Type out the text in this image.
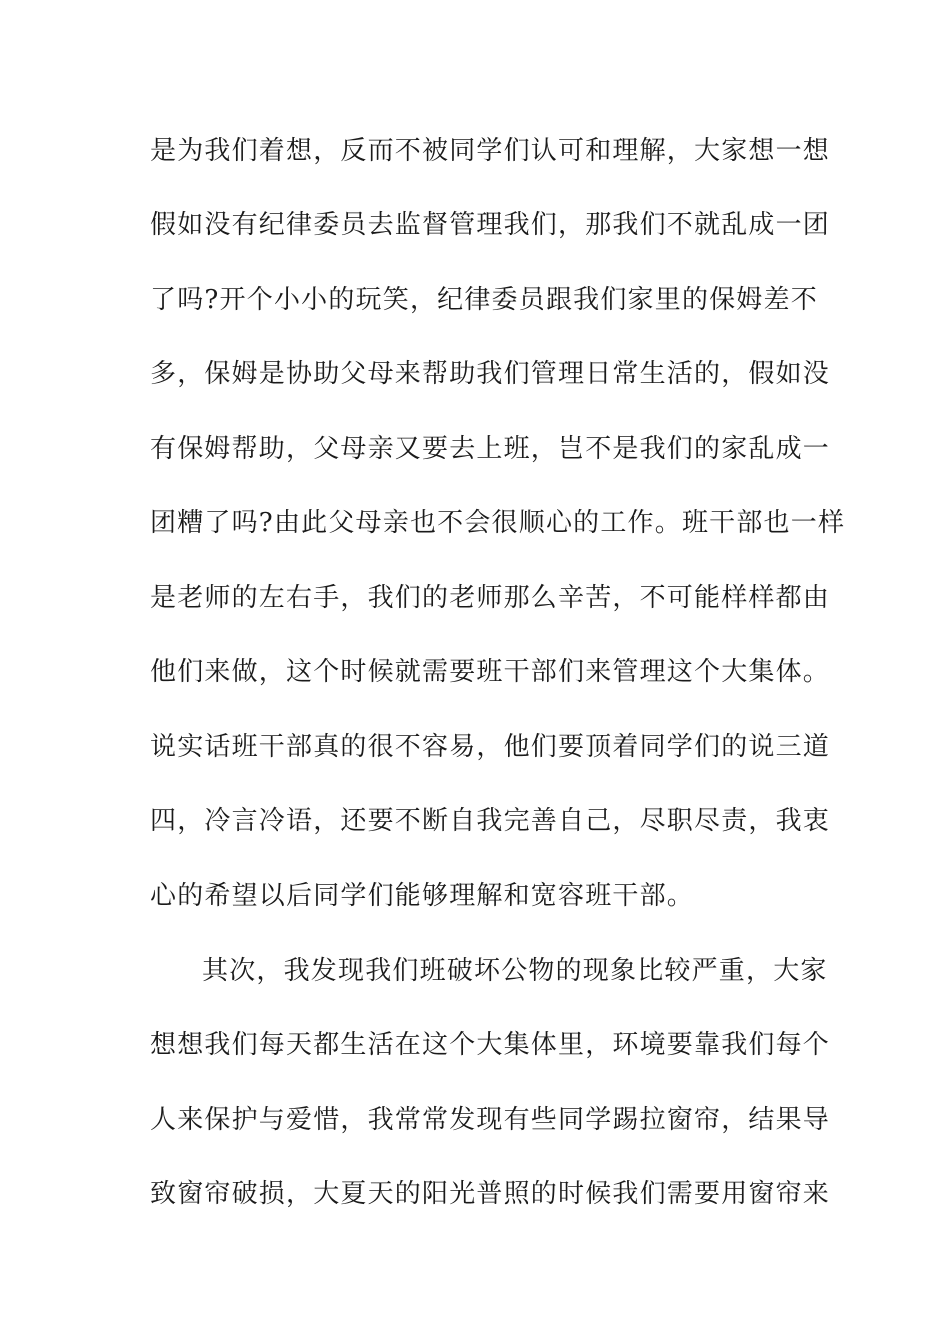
是为我们着想，反而不被同学们认可和理解，大家想一想
假如没有纪律委员去监督管理我们，那我们不就乱成一团
了吗?开个小小的玩笑，纪律委员跟我们家里的保姆差不
多，保姆是协助父母来帮助我们管理日常生活的，假如没
有保姆帮助，父母亲又要去上班，岂不是我们的家乱成一
团糟了吗?由此父母亲也不会很顺心的工作。班干部也一样
是老师的左右手，我们的老师那么辛苦，不可能样样都由
他们来做，这个时候就需要班干部们来管理这个大集体。
说实话班干部真的很不容易，他们要顶着同学们的说三道
四，冷言冷语，还要不断自我完善自己，尽职尽责，我衷
心的希望以后同学们能够理解和宽容班干部。
其次，我发现我们班破坏公物的现象比较严重，大家
想想我们每天都生活在这个大集体里，环境要靠我们每个
人来保护与爱惜，我常常发现有些同学踢拉窗帘，结果导
致窗帘破损，大夏天的阳光普照的时候我们需要用窗帘来
